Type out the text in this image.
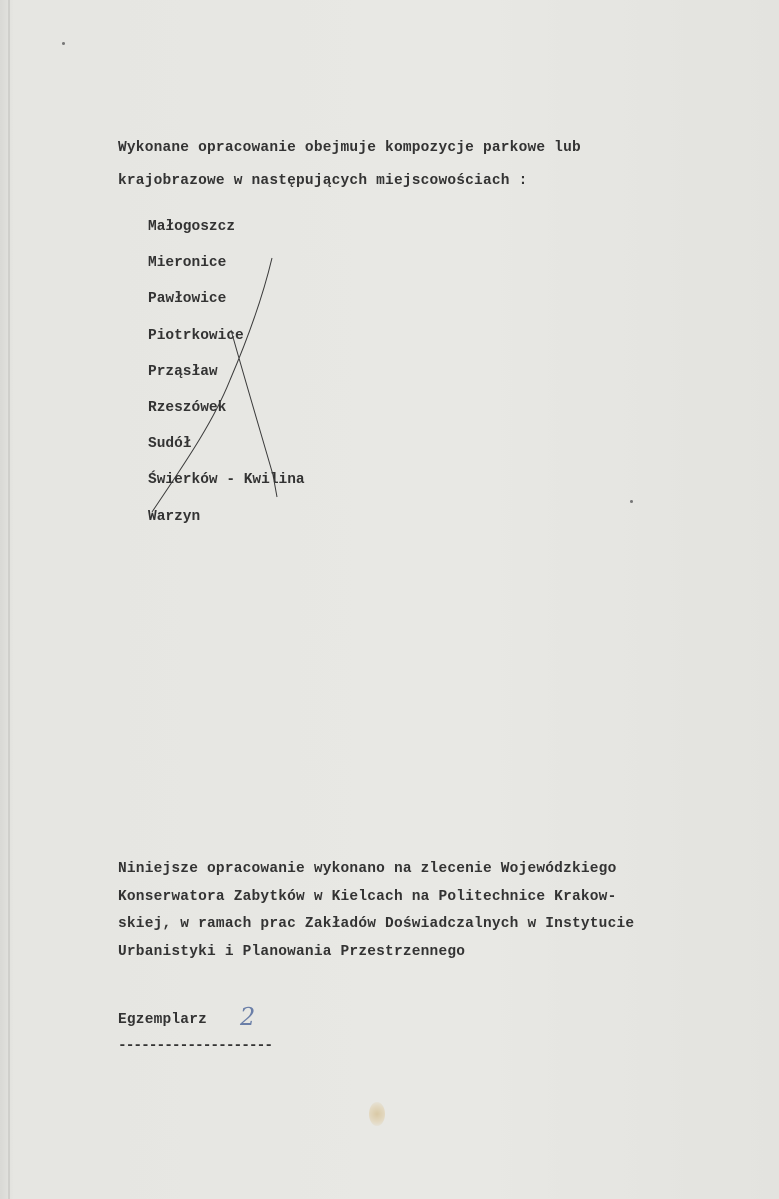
Wykonane opracowanie obejmuje kompozycje parkowe lub
krajobrazowe w następujących miejscowościach :
Małogoszcz
Mieronice
Pawłowice
Piotrkowice
Prząsław
Rzeszówek
Sudół
Świerków - Kwilina
Warzyn
Niniejsze opracowanie wykonano na zlecenie Wojewódzkiego
Konserwatora Zabytków w Kielcach na Politechnice Krakow-
skiej, w ramach prac Zakładów Doświadczalnych w Instytucie
Urbanistyki i Planowania Przestrzennego
Egzemplarz 2
--------------------
